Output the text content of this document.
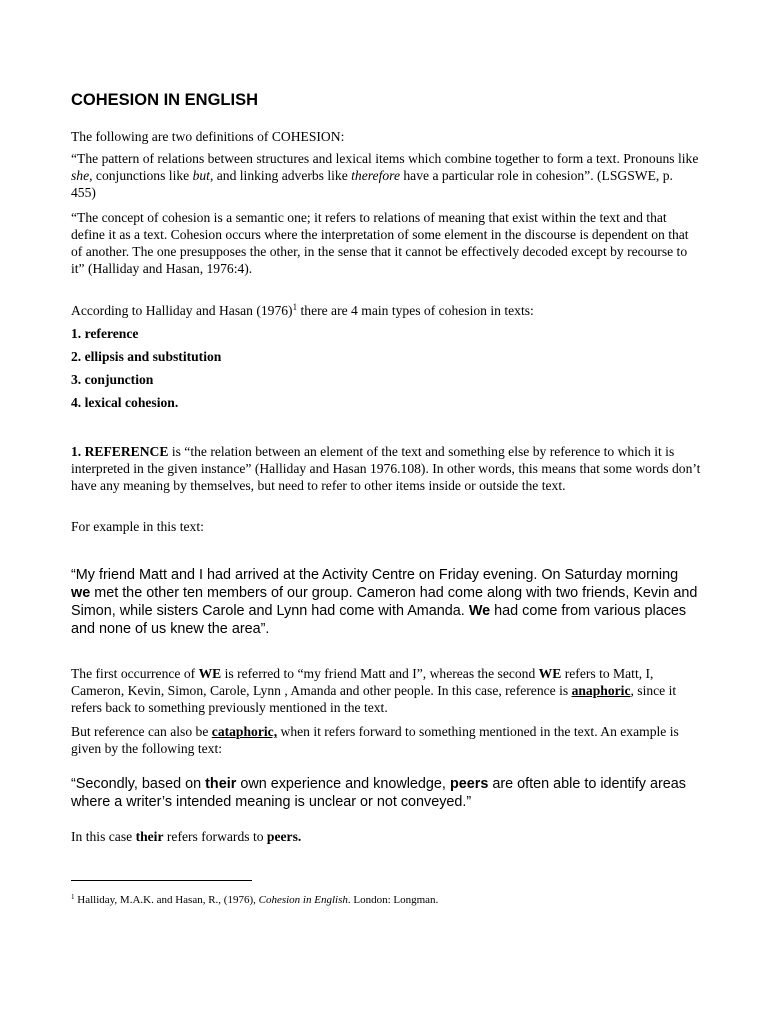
COHESION IN ENGLISH

The following are two definitions of COHESION:

“The pattern of relations between structures and lexical items which combine together to form a text. Pronouns like she, conjunctions like but, and linking adverbs like therefore have a particular role in cohesion”. (LSGSWE, p. 455)

“The concept of cohesion is a semantic one; it refers to relations of meaning that exist within the text and that define it as a text. Cohesion occurs where the interpretation of some element in the discourse is dependent on that of another. The one presupposes the other, in the sense that it cannot be effectively decoded except by recourse to it” (Halliday and Hasan, 1976:4).

According to Halliday and Hasan $(1976)^1$ there are 4 main types of cohesion in texts:

1. reference
2. ellipsis and substitution
3. conjunction
4. lexical cohesion.

1. REFERENCE is “the relation between an element of the text and something else by reference to which it is interpreted in the given instance” (Halliday and Hasan 1976.108). In other words, this means that some words don’t have any meaning by themselves, but need to refer to other items inside or outside the text.

For example in this text:

“My friend Matt and I had arrived at the Activity Centre on Friday evening. On Saturday morning we met the other ten members of our group. Cameron had come along with two friends, Kevin and Simon, while sisters Carole and Lynn had come with Amanda. We had come from various places and none of us knew the area”.

The first occurrence of WE is referred to “my friend Matt and I”, whereas the second WE refers to Matt, I, Cameron, Kevin, Simon, Carole, Lynn , Amanda and other people. In this case, reference is anaphoric, since it refers back to something previously mentioned in the text.

But reference can also be cataphoric, when it refers forward to something mentioned in the text. An example is given by the following text:

“Secondly, based on their own experience and knowledge, peers are often able to identify areas where a writer’s intended meaning is unclear or not conveyed.”

In this case their refers forwards to peers.

$^1$ Halliday, M.A.K. and Hasan, R., (1976), Cohesion in English. London: Longman.
